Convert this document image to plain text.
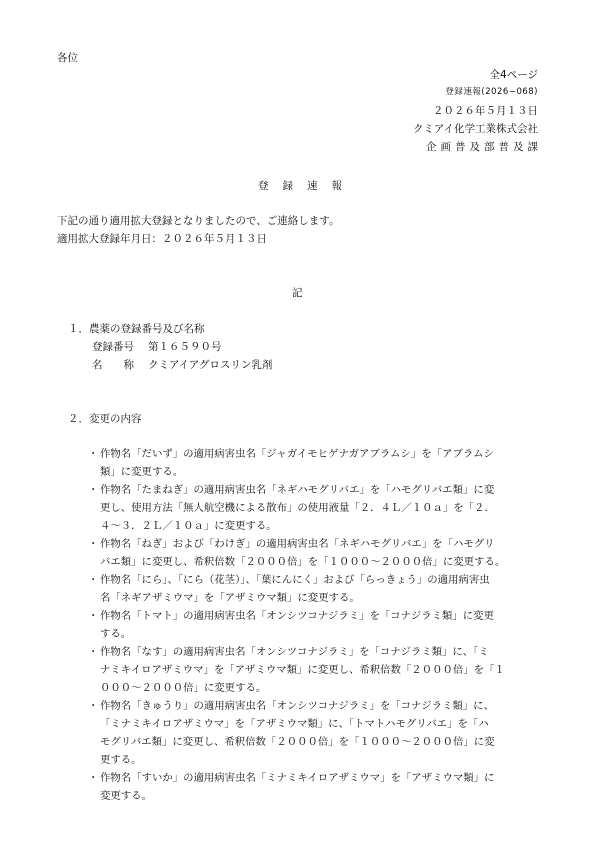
各位
全4ページ
登録速報(2026−068)
２０２６年５月１３日
クミアイ化学工業株式会社
企画普及部普及課
登録速報
下記の通り適用拡大登録となりましたので、ご連絡します。
適用拡大登録年月日：２０２６年５月１３日
記
１．農薬の登録番号及び名称
登録番号 第１６５９０号
名　　称 クミアイアグロスリン乳剤
２．変更の内容
・ 作物名「だいず」の適用病害虫名「ジャガイモヒゲナガアブラムシ」を「アブラムシ
類」に変更する。
・ 作物名「たまねぎ」の適用病害虫名「ネギハモグリバエ」を「ハモグリバエ類」に変
更し、使用方法「無人航空機による散布」の使用液量「２．４Ｌ／１０ａ」を「２．
４～３．２Ｌ／１０ａ」に変更する。
・ 作物名「ねぎ」および「わけぎ」の適用病害虫名「ネギハモグリバエ」を「ハモグリ
バエ類」に変更し、希釈倍数「２０００倍」を「１０００～２０００倍」に変更する。
・ 作物名「にら」、「にら（花茎）」、「葉にんにく」および「らっきょう」の適用病害虫
名「ネギアザミウマ」を「アザミウマ類」に変更する。
・ 作物名「トマト」の適用病害虫名「オンシツコナジラミ」を「コナジラミ類」に変更
する。
・ 作物名「なす」の適用病害虫名「オンシツコナジラミ」を「コナジラミ類」に、「ミ
ナミキイロアザミウマ」を「アザミウマ類」に変更し、希釈倍数「２０００倍」を「１
０００～２０００倍」に変更する。
・ 作物名「きゅうり」の適用病害虫名「オンシツコナジラミ」を「コナジラミ類」に、
「ミナミキイロアザミウマ」を「アザミウマ類」に、「トマトハモグリバエ」を「ハ
モグリバエ類」に変更し、希釈倍数「２０００倍」を「１０００～２０００倍」に変
更する。
・ 作物名「すいか」の適用病害虫名「ミナミキイロアザミウマ」を「アザミウマ類」に
変更する。
